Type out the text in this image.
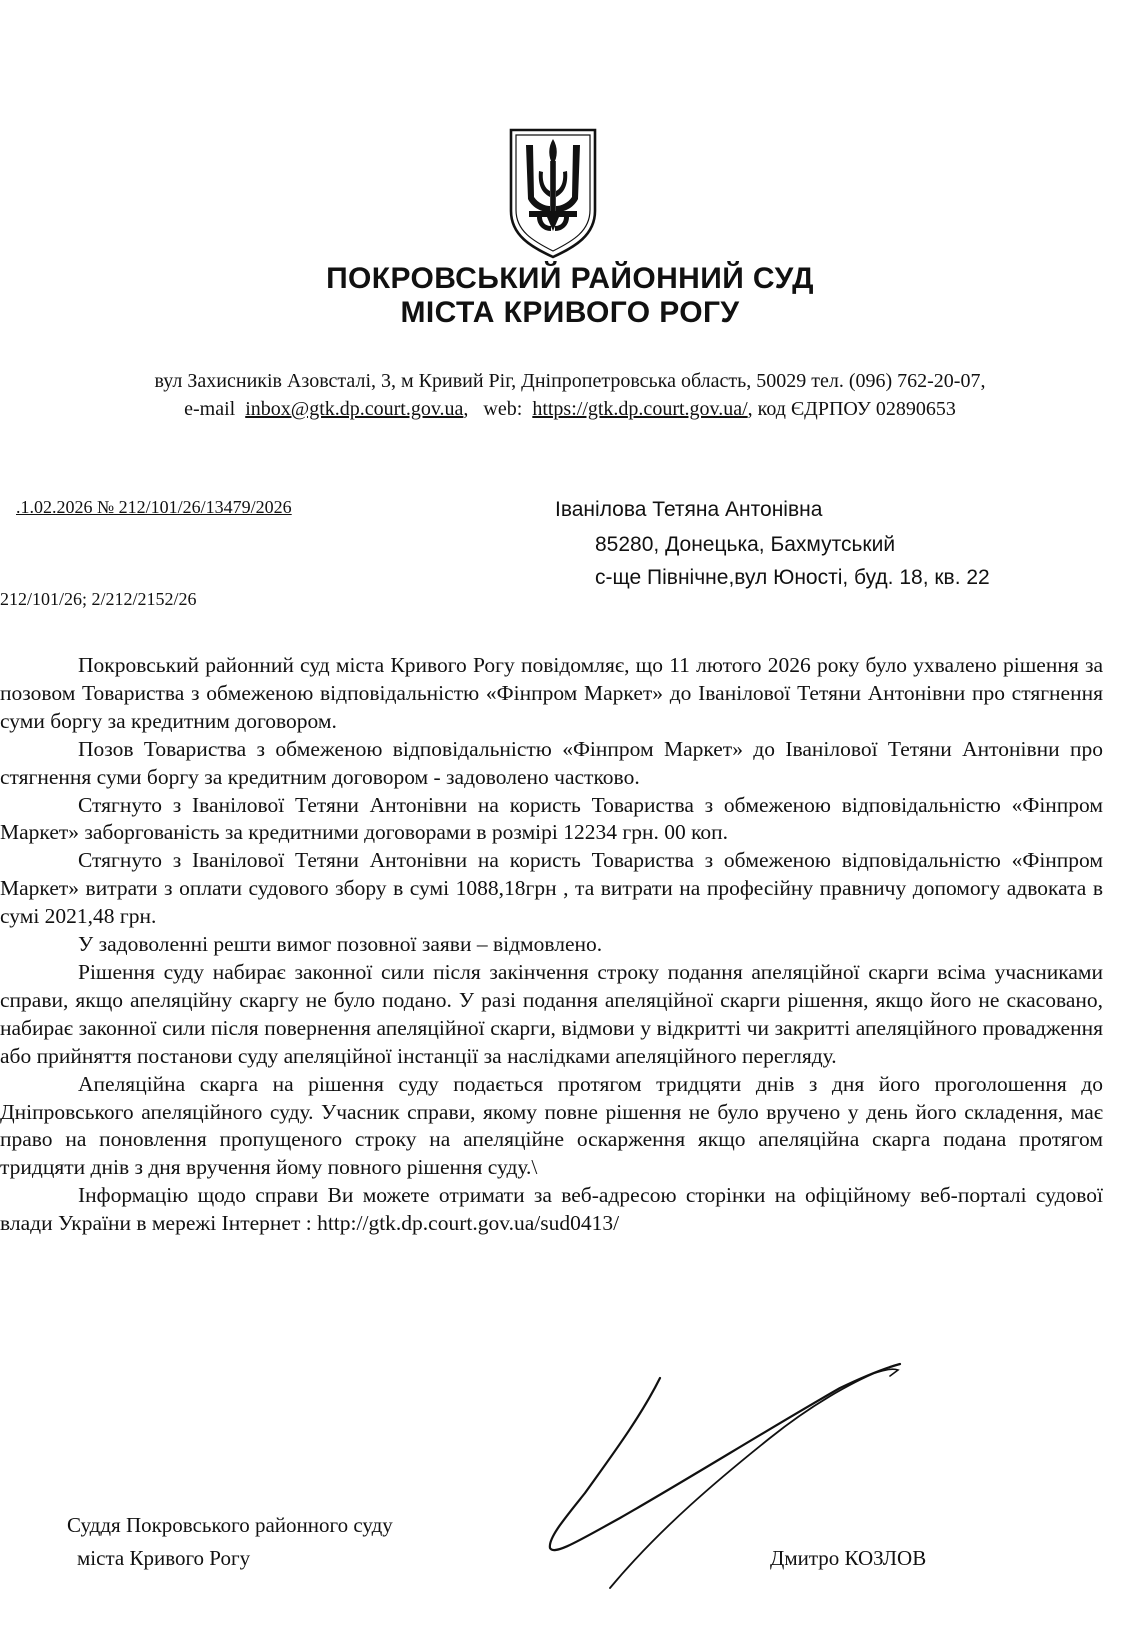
ПОКРОВСЬКИЙ РАЙОННИЙ СУД
МІСТА КРИВОГО РОГУ
вул Захисників Азовсталі, 3, м Кривий Ріг, Дніпропетровська область, 50029 тел. (096) 762-20-07,
e-mail inbox@gtk.dp.court.gov.ua,   web: https://gtk.dp.court.gov.ua/, код ЄДРПОУ 02890653
.1.02.2026 № 212/101/26/13479/2026
212/101/26; 2/212/2152/26
Іванілова Тетяна Антонівна
85280, Донецька, Бахмутський
с-ще Північне,вул Юності, буд. 18, кв. 22

Покровський районний суд міста Кривого Рогу повідомляє, що 11 лютого 2026 року було ухвалено рішення за позовом Товариства з обмеженою відповідальністю «Фінпром Маркет» до Іванілової Тетяни Антонівни про стягнення суми боргу за кредитним договором.

Позов Товариства з обмеженою відповідальністю «Фінпром Маркет» до Іванілової Тетяни Антонівни про стягнення суми боргу за кредитним договором - задоволено частково.

Стягнуто з Іванілової Тетяни Антонівни на користь Товариства з обмеженою відповідальністю «Фінпром Маркет» заборгованість за кредитними договорами в розмірі 12234 грн. 00 коп.

Стягнуто з Іванілової Тетяни Антонівни на користь Товариства з обмеженою відповідальністю «Фінпром Маркет» витрати з оплати судового збору в сумі 1088,18грн , та витрати на професійну правничу допомогу адвоката в сумі 2021,48 грн.

У задоволенні решти вимог позовної заяви – відмовлено.

Рішення суду набирає законної сили після закінчення строку подання апеляційної скарги всіма учасниками справи, якщо апеляційну скаргу не було подано. У разі подання апеляційної скарги рішення, якщо його не скасовано, набирає законної сили після повернення апеляційної скарги, відмови у відкритті чи закритті апеляційного провадження або прийняття постанови суду апеляційної інстанції за наслідками апеляційного перегляду.

Апеляційна скарга на рішення суду подається протягом тридцяти днів з дня його проголошення до Дніпровського апеляційного суду. Учасник справи, якому повне рішення не було вручено у день його складення, має право на поновлення пропущеного строку на апеляційне оскарження якщо апеляційна скарга подана протягом тридцяти днів з дня вручення йому повного рішення суду.\

Інформацію щодо справи Ви можете отримати за веб-адресою сторінки на офіційному веб-порталі судової влади України в мережі Інтернет : http://gtk.dp.court.gov.ua/sud0413/

Суддя Покровського районного суду
міста Кривого Рогу	Дмитро КОЗЛОВ
